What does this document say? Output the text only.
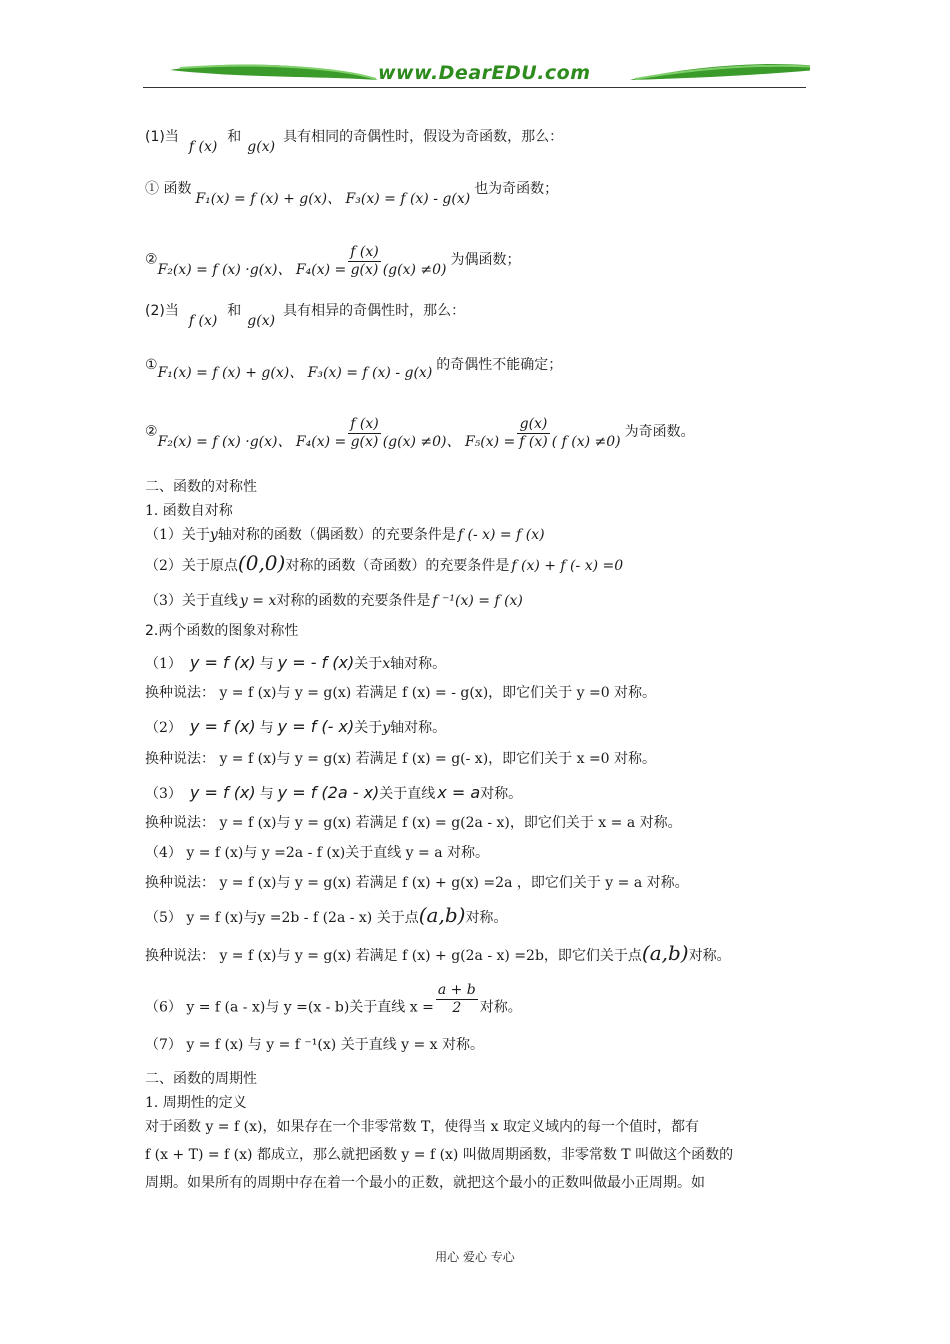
www.DearEDU.com
(1)当f (x)和g(x)具有相同的奇偶性时，假设为奇函数，那么：
① 函数F₁(x) = f (x) + g(x)、 F₃(x) = f (x) - g(x)也为奇函数；
②F₂(x) = f (x) ·g(x)、 $F_4(x) = \frac{f (x)}{g(x)} (g(x) \ne 0)$为偶函数；
(2)当f (x)和g(x)具有相异的奇偶性时，那么：
①F₁(x) = f (x) + g(x)、 F₃(x) = f (x) - g(x) 的奇偶性不能确定；
②F₂(x) = f (x) ·g(x)、 $F_4(x) = \frac{f (x)}{g(x)} (g(x) \ne 0)$、 $F_5(x) = \frac{g(x)}{f (x)}$ ( f (x) ≠0)为奇函数。
二、函数的对称性
1. 函数自对称
（1）关于y轴对称的函数（偶函数）的充要条件是 f (- x) = f (x)
（2）关于原点(0,0)对称的函数（奇函数）的充要条件是 f (x) + f (- x) =0
（3）关于直线 y = x对称的函数的充要条件是 f ⁻¹(x) = f (x)
2.两个函数的图象对称性
（1） y = f (x) 与 y = - f (x)关于x轴对称。
换种说法： y = f (x)与 y = g(x) 若满足 f (x) = - g(x)，即它们关于 y =0 对称。
（2） y = f (x) 与 y = f (- x)关于y轴对称。
换种说法： y = f (x)与 y = g(x) 若满足 f (x) = g(- x)，即它们关于 x =0 对称。
（3） y = f (x) 与 y = f (2a - x)关于直线 x = a对称。
换种说法： y = f (x)与 y = g(x) 若满足 f (x) = g(2a - x)，即它们关于 x = a 对称。
（4） y = f (x)与 y =2a - f (x)关于直线 y = a 对称。
换种说法： y = f (x)与 y = g(x) 若满足 f (x) + g(x) =2a ，即它们关于 y = a 对称。
（5） y = f (x)与y =2b - f (2a - x) 关于点(a,b)对称。
换种说法： y = f (x)与 y = g(x) 若满足 f (x) + g(2a - x) =2b，即它们关于点(a,b)对称。
（6） y = f (a - x)与 y =(x - b)关于直线 $x = \frac{a + b}{2}$ 对称。
（7） y = f (x) 与 y = f ⁻¹(x) 关于直线 y = x 对称。
二、函数的周期性
1. 周期性的定义
对于函数 y = f (x)，如果存在一个非零常数 T，使得当 x 取定义域内的每一个值时，都有
f (x + T) = f (x) 都成立，那么就把函数 y = f (x) 叫做周期函数，非零常数 T 叫做这个函数的
周期。如果所有的周期中存在着一个最小的正数，就把这个最小的正数叫做最小正周期。如
用心 爱心 专心
